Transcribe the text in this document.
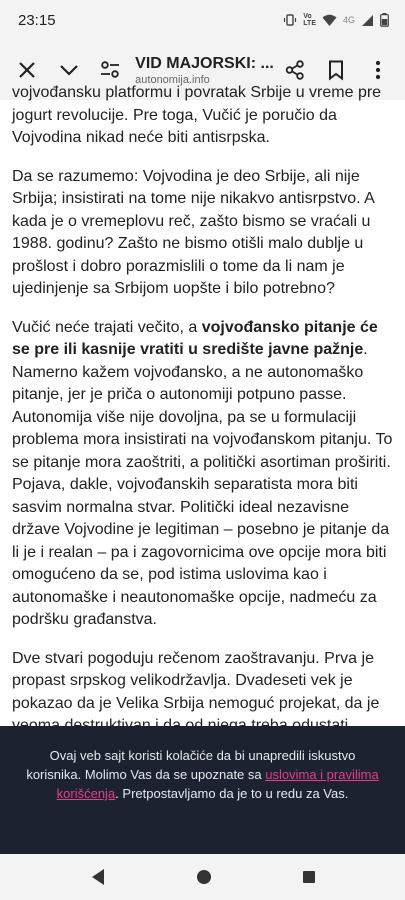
23:15	Vo
LTE	4G
VID MAJORSKI: ...
autonomija.info

vojvođansku platformu i povratak Srbije u vreme pre jogurt revolucije. Pre toga, Vučić je poručio da Vojvodina nikad neće biti antisrpska.

Da se razumemo: Vojvodina je deo Srbije, ali nije Srbija; insistirati na tome nije nikakvo antisrpstvo. A kada je o vremeplovu reč, zašto bismo se vraćali u 1988. godinu? Zašto ne bismo otišli malo dublje u prošlost i dobro porazmislili o tome da li nam je ujedinjenje sa Srbijom uopšte i bilo potrebno?

Vučić neće trajati večito, a vojvođansko pitanje će se pre ili kasnije vratiti u središte javne pažnje. Namerno kažem vojvođansko, a ne autonomaško pitanje, jer je priča o autonomiji potpuno passe. Autonomija više nije dovoljna, pa se u formulaciji problema mora insistirati na vojvođanskom pitanju. To se pitanje mora zaoštriti, a politički asortiman proširiti. Pojava, dakle, vojvođanskih separatista mora biti sasvim normalna stvar. Politički ideal nezavisne države Vojvodine je legitiman – posebno je pitanje da li je i realan – pa i zagovornicima ove opcije mora biti omogućeno da se, pod istima uslovima kao i autonomaške i neautonomaške opcije, nadmeću za podršku građanstva.

Dve stvari pogoduju rečenom zaoštravanju. Prva je propast srpskog velikodržavlja. Dvadeseti vek je pokazao da je Velika Srbija nemoguć projekat, da je

Ovaj veb sajt koristi kolačiće da bi unapredili iskustvo korisnika. Molimo Vas da se upoznate sa uslovima i pravilima korišćenja. Pretpostavljamo da je to u redu za Vas.
